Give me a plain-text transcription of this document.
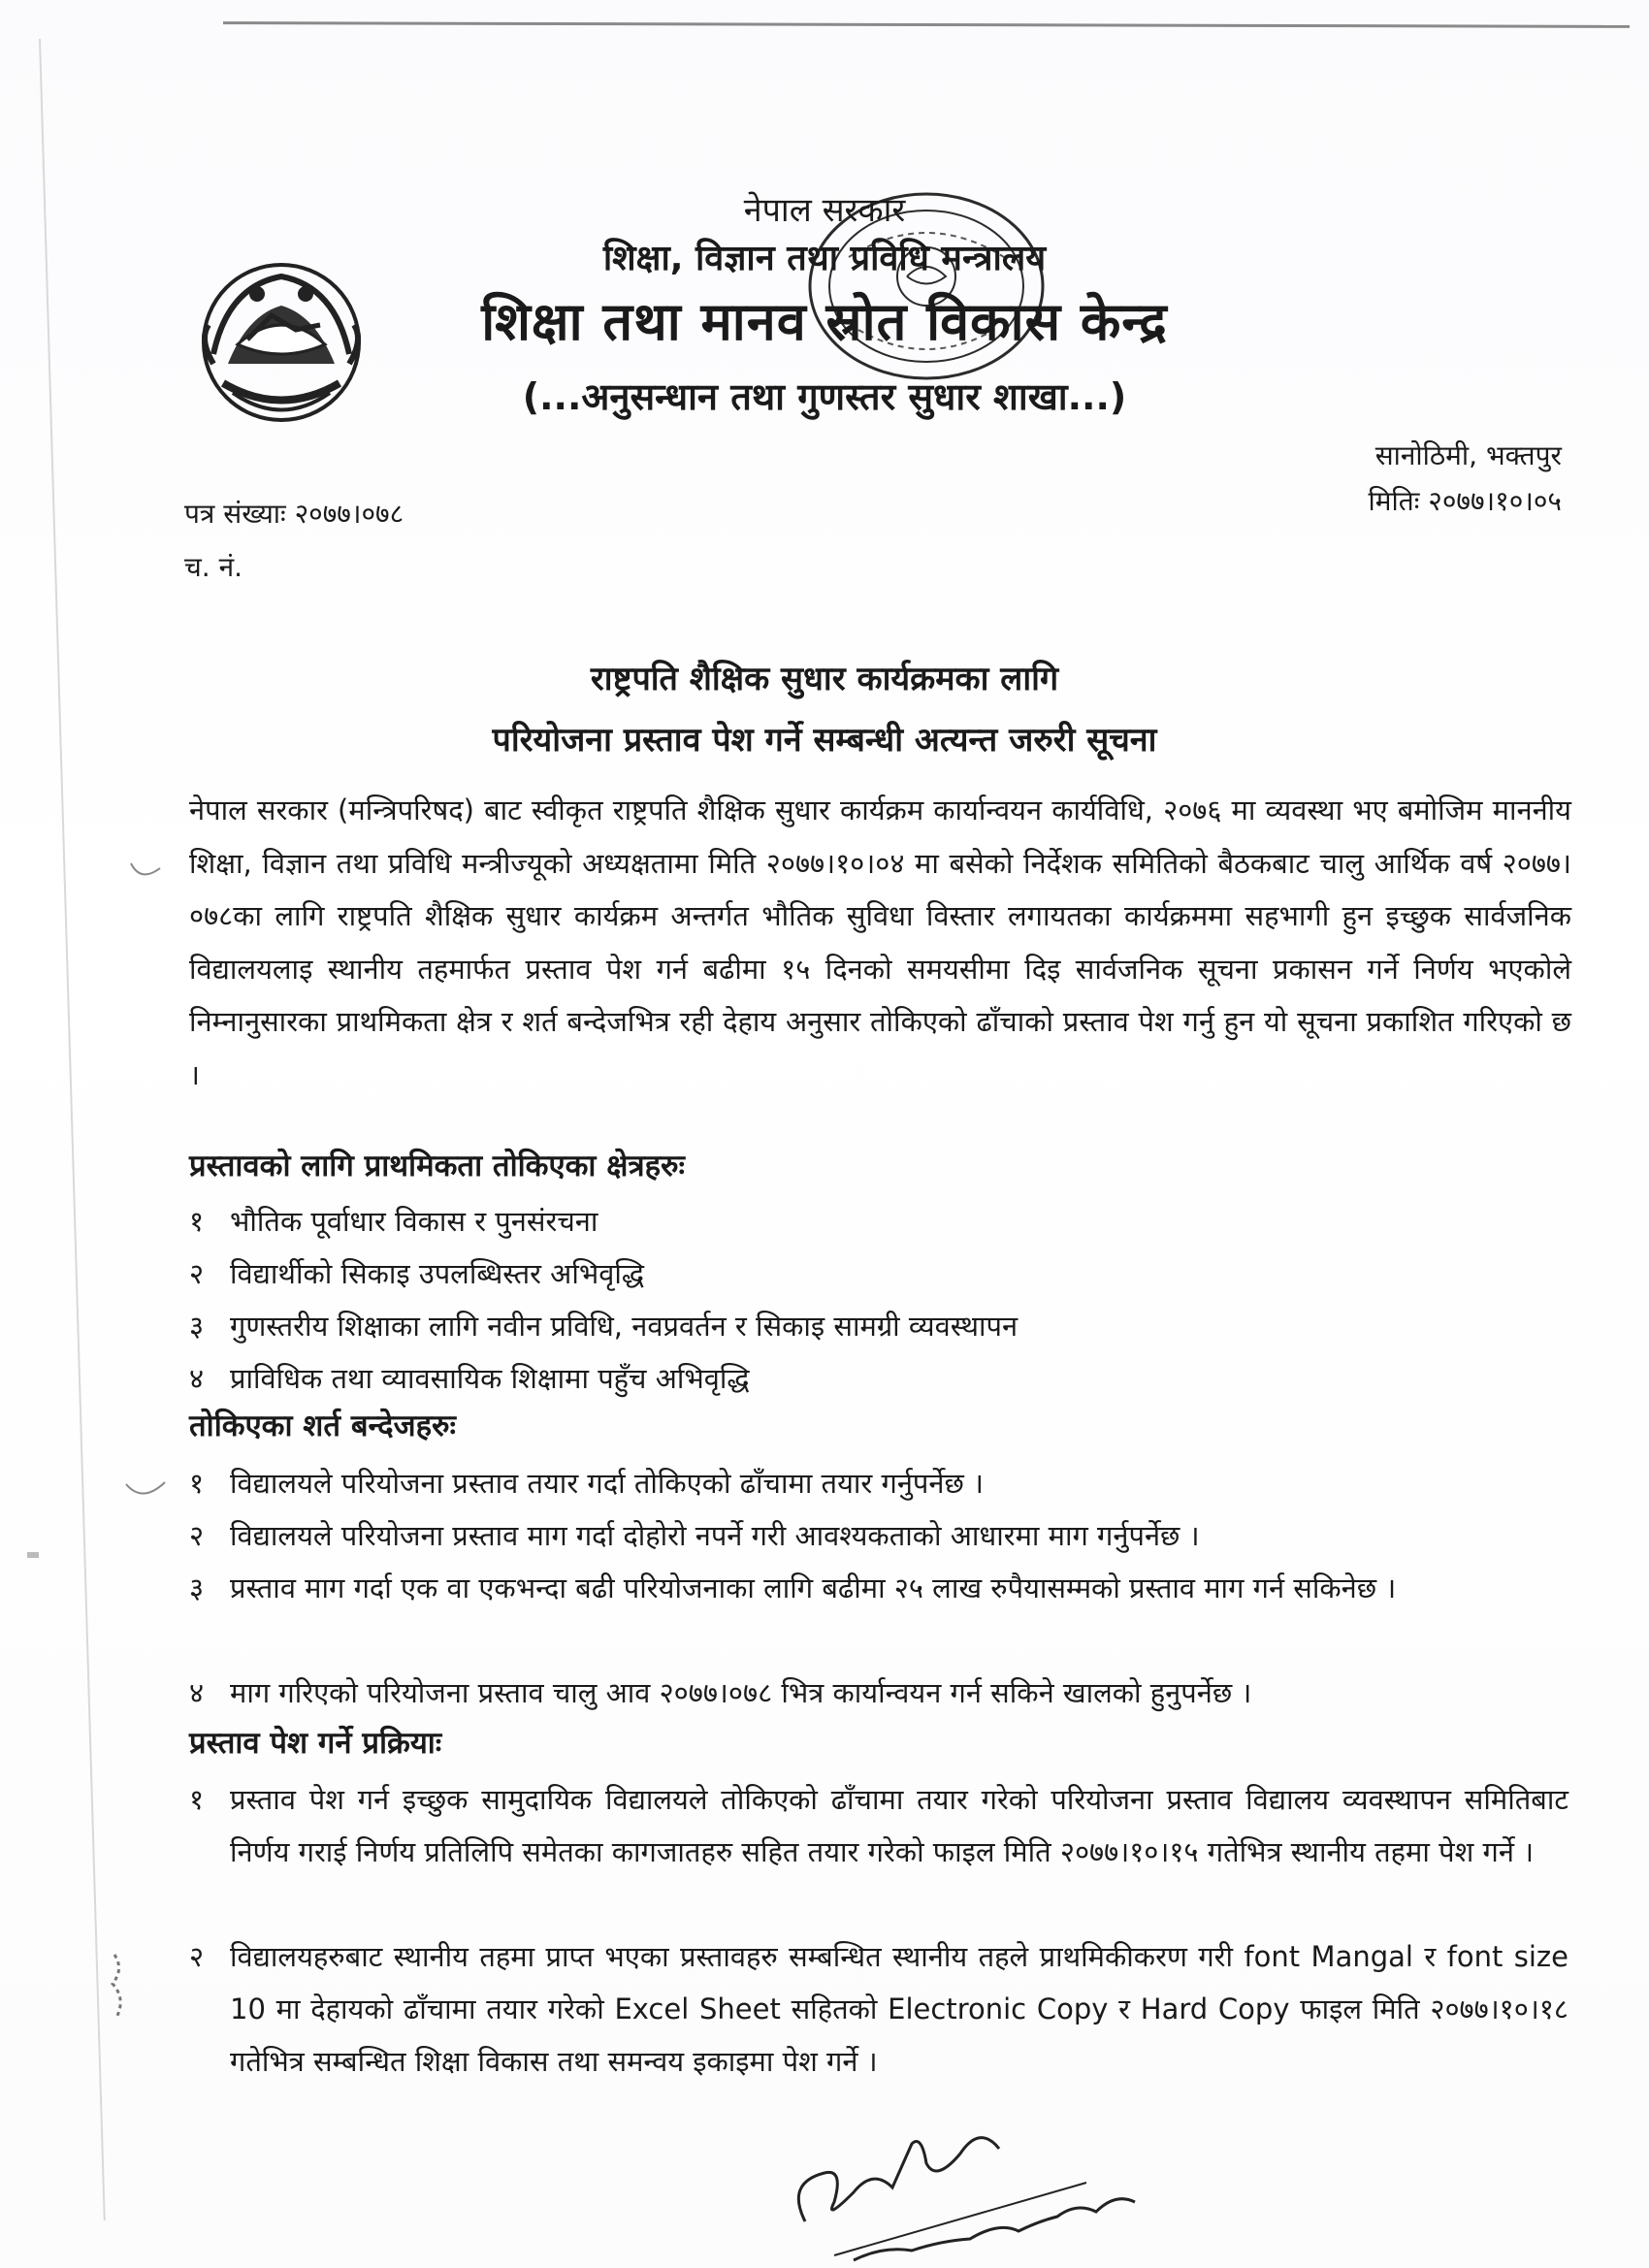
नेपाल सरकार
शिक्षा, विज्ञान तथा प्रविधि मन्त्रालय
शिक्षा तथा मानव स्रोत विकास केन्द्र
(...अनुसन्धान तथा गुणस्तर सुधार शाखा...)
सानोठिमी, भक्तपुर
मितिः २०७७।१०।०५
पत्र संख्याः २०७७।०७८
च. नं.
राष्ट्रपति शैक्षिक सुधार कार्यक्रमका लागि
परियोजना प्रस्ताव पेश गर्ने सम्बन्धी अत्यन्त जरुरी सूचना
नेपाल सरकार (मन्त्रिपरिषद) बाट स्वीकृत राष्ट्रपति शैक्षिक सुधार कार्यक्रम कार्यान्वयन कार्यविधि, २०७६ मा व्यवस्था भए बमोजिम माननीय शिक्षा, विज्ञान तथा प्रविधि मन्त्रीज्यूको अध्यक्षतामा मिति २०७७।१०।०४ मा बसेको निर्देशक समितिको बैठकबाट चालु आर्थिक वर्ष २०७७।०७८का लागि राष्ट्रपति शैक्षिक सुधार कार्यक्रम अन्तर्गत भौतिक सुविधा विस्तार लगायतका कार्यक्रममा सहभागी हुन इच्छुक सार्वजनिक विद्यालयलाइ स्थानीय तहमार्फत प्रस्ताव पेश गर्न बढीमा १५ दिनको समयसीमा दिइ सार्वजनिक सूचना प्रकासन गर्ने निर्णय भएकोले निम्नानुसारका प्राथमिकता क्षेत्र र शर्त बन्देजभित्र रही देहाय अनुसार तोकिएको ढाँचाको प्रस्ताव पेश गर्नु हुन यो सूचना प्रकाशित गरिएको छ ।
प्रस्तावको लागि प्राथमिकता तोकिएका क्षेत्रहरुः
१ भौतिक पूर्वाधार विकास र पुनसंरचना
२ विद्यार्थीको सिकाइ उपलब्धिस्तर अभिवृद्धि
३ गुणस्तरीय शिक्षाका लागि नवीन प्रविधि, नवप्रवर्तन र सिकाइ सामग्री व्यवस्थापन
४ प्राविधिक तथा व्यावसायिक शिक्षामा पहुँच अभिवृद्धि
तोकिएका शर्त बन्देजहरुः
१ विद्यालयले परियोजना प्रस्ताव तयार गर्दा तोकिएको ढाँचामा तयार गर्नुपर्नेछ ।
२ विद्यालयले परियोजना प्रस्ताव माग गर्दा दोहोरो नपर्ने गरी आवश्यकताको आधारमा माग गर्नुपर्नेछ ।
३ प्रस्ताव माग गर्दा एक वा एकभन्दा बढी परियोजनाका लागि बढीमा २५ लाख रुपैयासम्मको प्रस्ताव माग गर्न सकिनेछ ।
४ माग गरिएको परियोजना प्रस्ताव चालु आव २०७७।०७८ भित्र कार्यान्वयन गर्न सकिने खालको हुनुपर्नेछ ।
प्रस्ताव पेश गर्ने प्रक्रियाः
१ प्रस्ताव पेश गर्न इच्छुक सामुदायिक विद्यालयले तोकिएको ढाँचामा तयार गरेको परियोजना प्रस्ताव विद्यालय व्यवस्थापन समितिबाट निर्णय गराई निर्णय प्रतिलिपि समेतका कागजातहरु सहित तयार गरेको फाइल मिति २०७७।१०।१५ गतेभित्र स्थानीय तहमा पेश गर्ने ।
२ विद्यालयहरुबाट स्थानीय तहमा प्राप्त भएका प्रस्तावहरु सम्बन्धित स्थानीय तहले प्राथमिकीकरण गरी font Mangal र font size 10 मा देहायको ढाँचामा तयार गरेको Excel Sheet सहितको Electronic Copy र Hard Copy फाइल मिति २०७७।१०।१८ गतेभित्र सम्बन्धित शिक्षा विकास तथा समन्वय इकाइमा पेश गर्ने ।
